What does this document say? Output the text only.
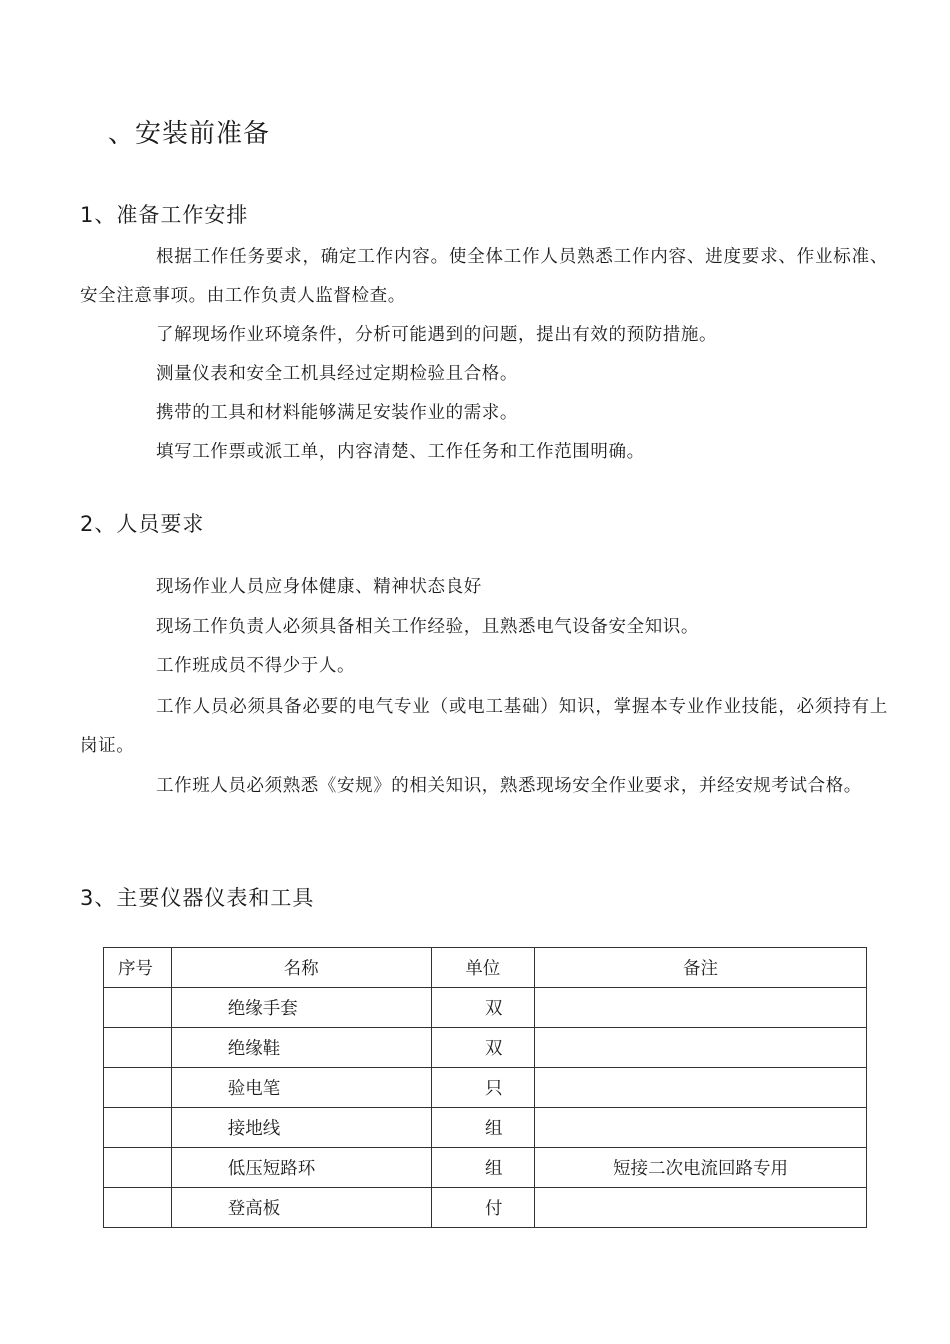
、安装前准备
1、准备工作安排

根据工作任务要求，确定工作内容。使全体工作人员熟悉工作内容、进度要求、作业标准、安全注意事项。由工作负责人监督检查。

了解现场作业环境条件，分析可能遇到的问题，提出有效的预防措施。

测量仪表和安全工机具经过定期检验且合格。

携带的工具和材料能够满足安装作业的需求。

填写工作票或派工单，内容清楚、工作任务和工作范围明确。

2、人员要求

现场作业人员应身体健康、精神状态良好

现场工作负责人必须具备相关工作经验，且熟悉电气设备安全知识。

工作班成员不得少于人。

工作人员必须具备必要的电气专业（或电工基础）知识，掌握本专业作业技能，必须持有上岗证。

工作班人员必须熟悉《安规》的相关知识，熟悉现场安全作业要求，并经安规考试合格。

3、主要仪器仪表和工具
序号	名称	单位	备注
	绝缘手套	双	
	绝缘鞋	双	
	验电笔	只	
	接地线	组	
	低压短路环	组	短接二次电流回路专用
	登高板	付	
